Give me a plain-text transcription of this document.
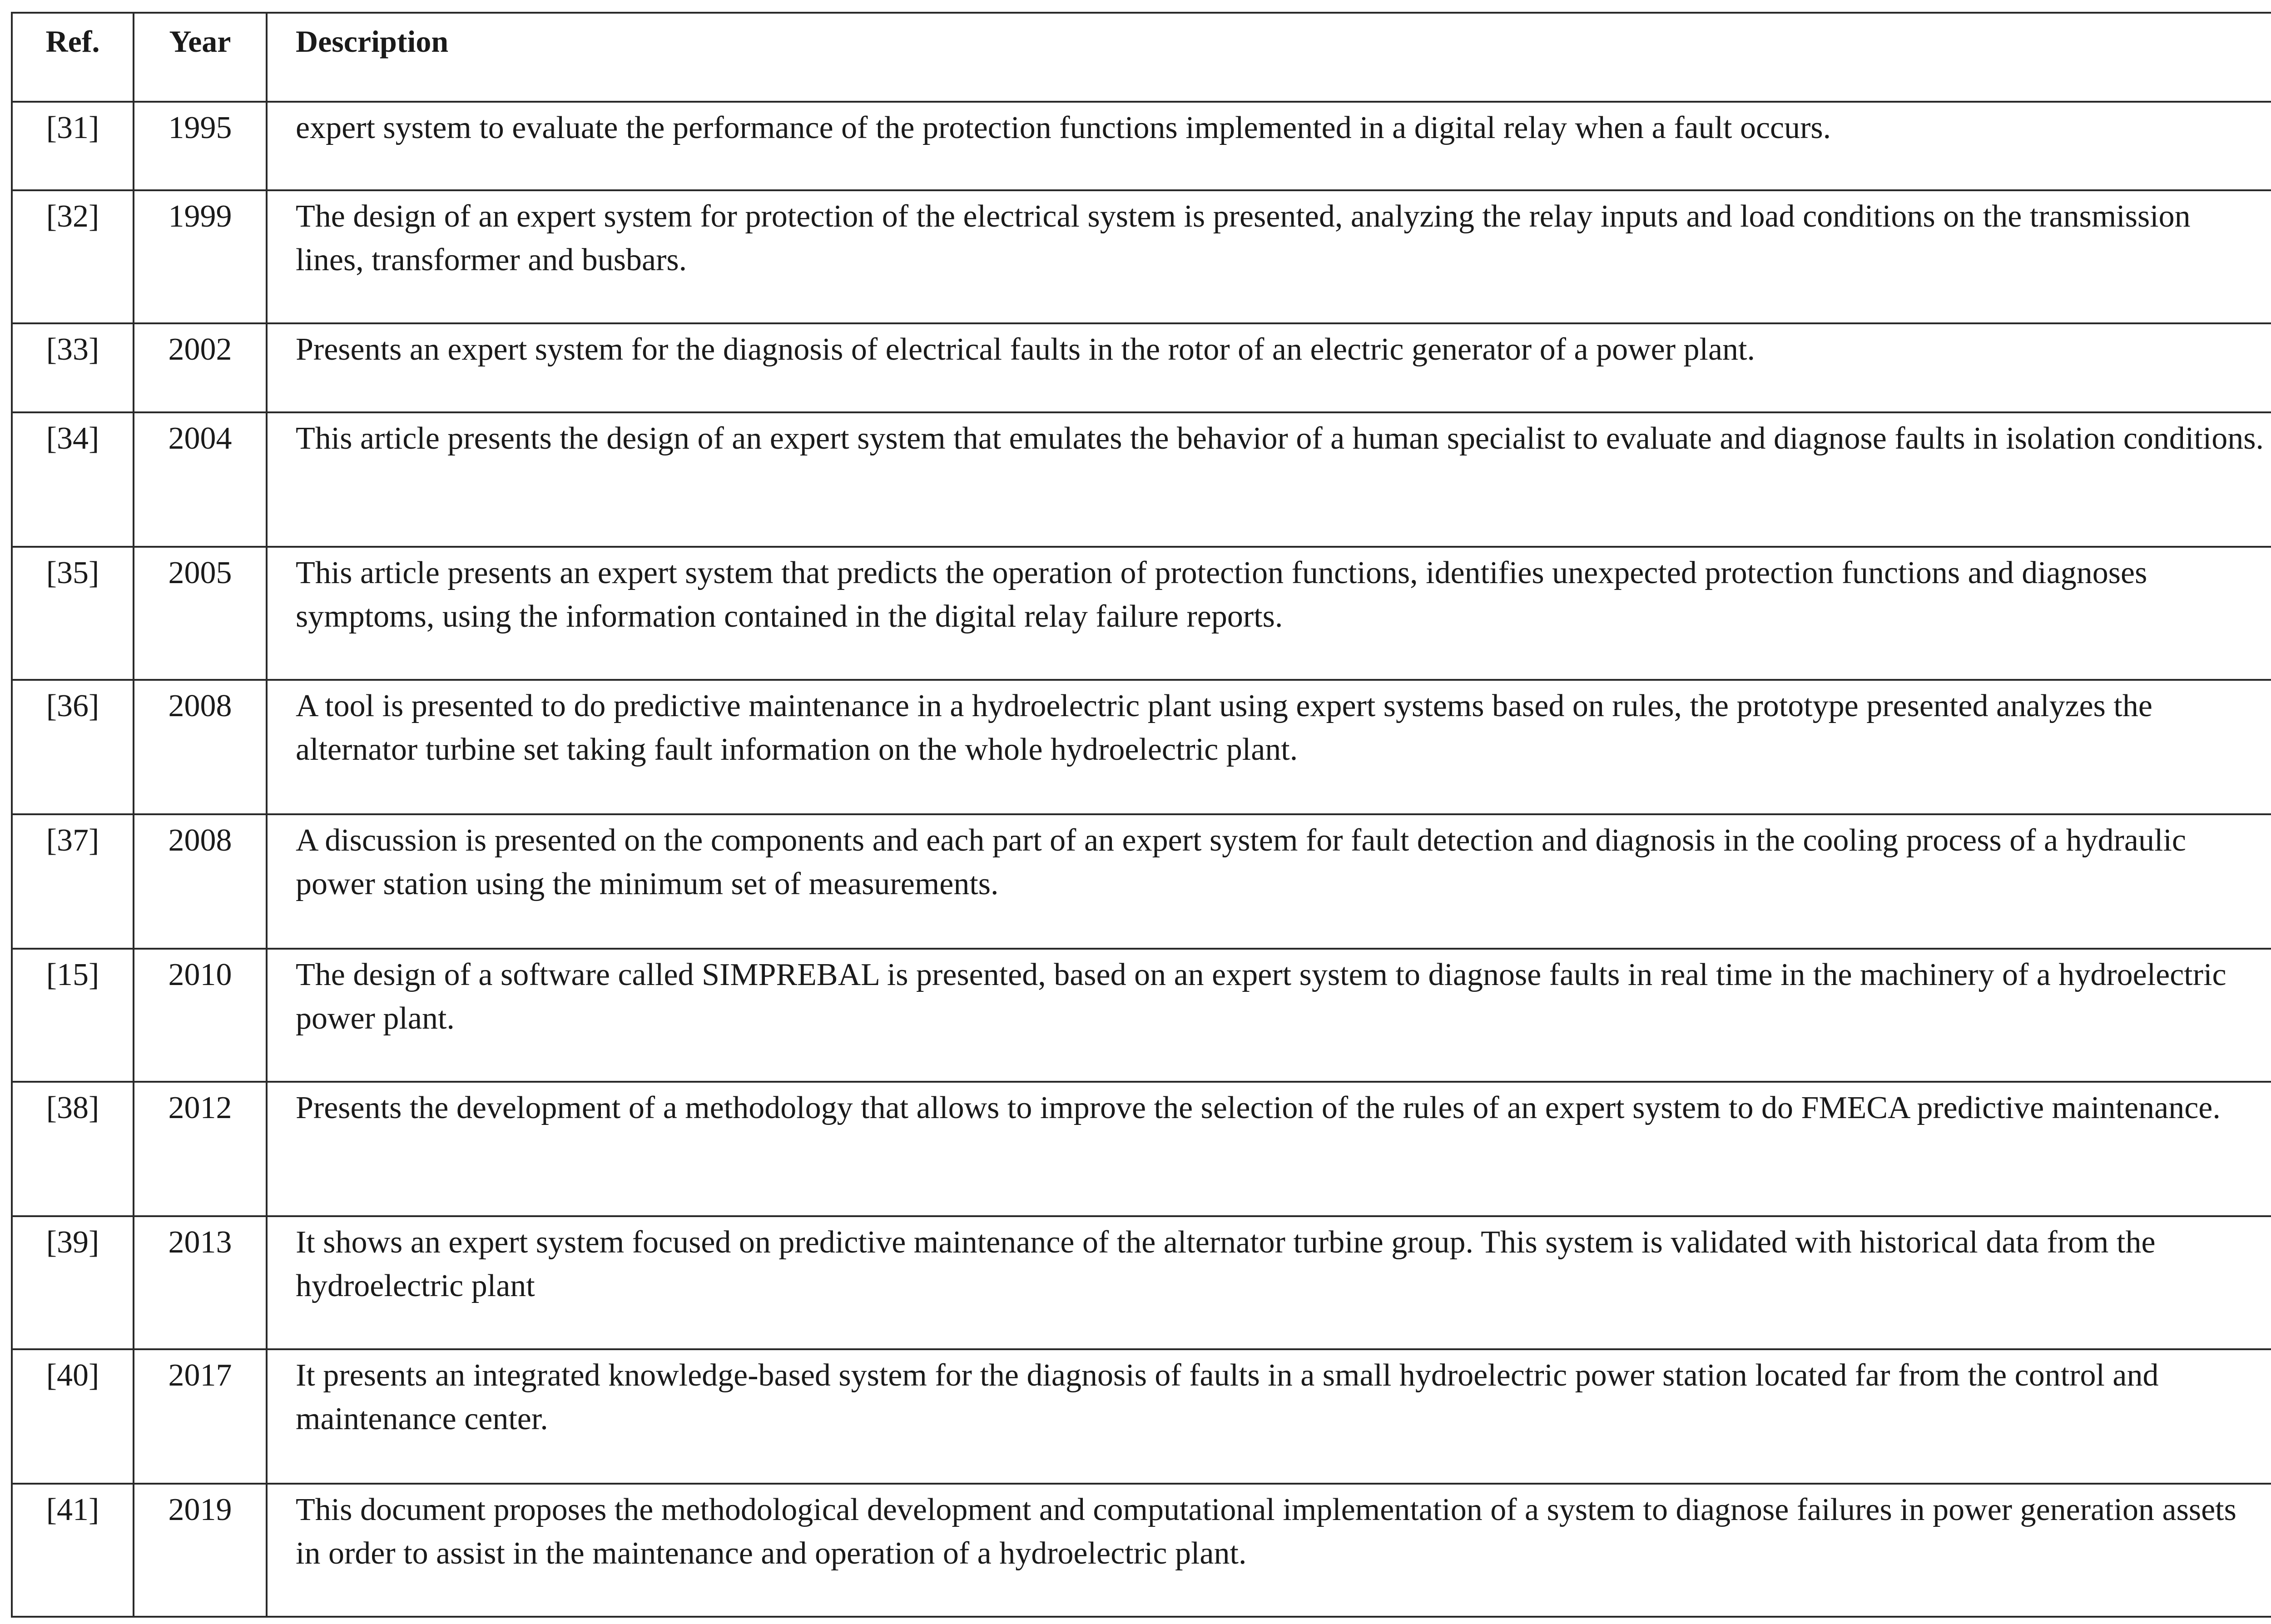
Ref.	Year	Description
[31]	1995	expert system to evaluate the performance of the protection functions implemented in a digital relay when a fault occurs.
[32]	1999	The design of an expert system for protection of the electrical system is presented, analyzing the relay inputs and load conditions on the transmission lines, transformer and busbars.
[33]	2002	Presents an expert system for the diagnosis of electrical faults in the rotor of an electric generator of a power plant.
[34]	2004	This article presents the design of an expert system that emulates the behavior of a human specialist to evaluate and diagnose faults in isolation conditions.
[35]	2005	This article presents an expert system that predicts the operation of protection functions, identifies unexpected protection functions and diagnoses symptoms, using the information contained in the digital relay failure reports.
[36]	2008	A tool is presented to do predictive maintenance in a hydroelectric plant using expert systems based on rules, the prototype presented analyzes the alternator turbine set taking fault information on the whole hydroelectric plant.
[37]	2008	A discussion is presented on the components and each part of an expert system for fault detection and diagnosis in the cooling process of a hydraulic power station using the minimum set of measurements.
[15]	2010	The design of a software called SIMPREBAL is presented, based on an expert system to diagnose faults in real time in the machinery of a hydroelectric power plant.
[38]	2012	Presents the development of a methodology that allows to improve the selection of the rules of an expert system to do FMECA predictive maintenance.
[39]	2013	It shows an expert system focused on predictive maintenance of the alternator turbine group. This system is validated with historical data from the hydroelectric plant
[40]	2017	It presents an integrated knowledge-based system for the diagnosis of faults in a small hydroelectric power station located far from the control and maintenance center.
[41]	2019	This document proposes the methodological development and computational implementation of a system to diagnose failures in power generation assets in order to assist in the maintenance and operation of a hydroelectric plant.
